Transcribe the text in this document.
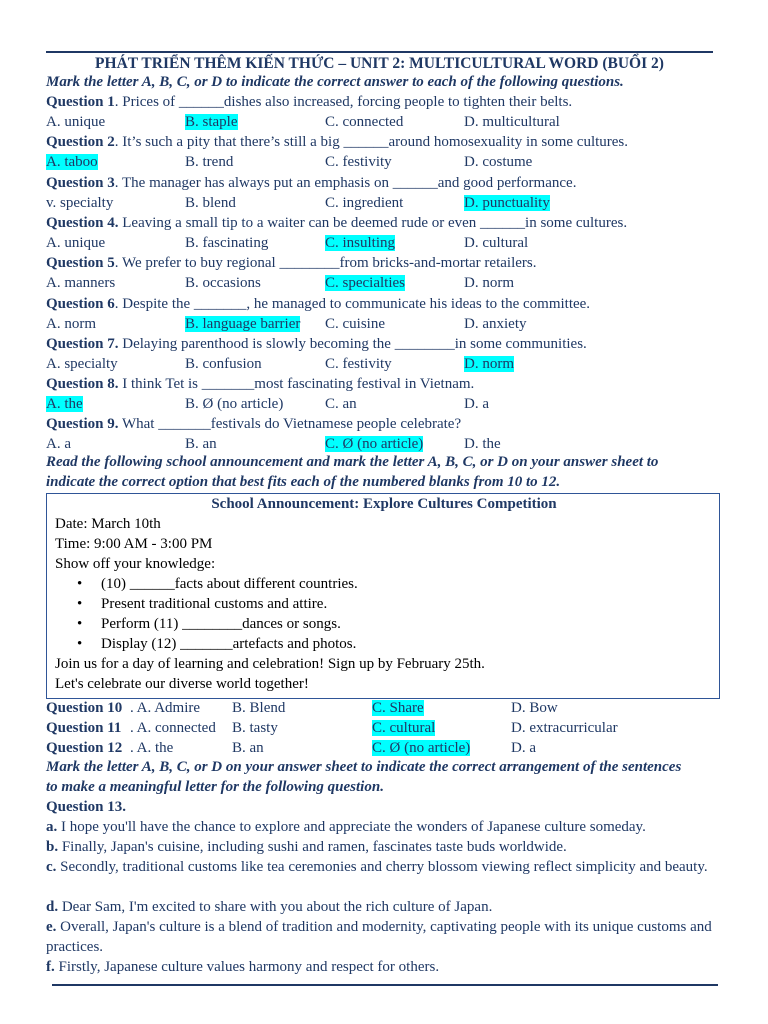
PHÁT TRIỂN THÊM KIẾN THỨC – UNIT 2: MULTICULTURAL WORD (BUỔI 2)
Mark the letter A, B, C, or D to indicate the correct answer to each of the following questions.
Question 1. Prices of ______dishes also increased, forcing people to tighten their belts.
A. unique	B. staple	C. connected	D. multicultural
Question 2. It’s such a pity that there’s still a big ______around homosexuality in some cultures.
A. taboo	B. trend	C. festivity	D. costume
Question 3. The manager has always put an emphasis on ______and good performance.
v. specialty	B. blend	C. ingredient	D. punctuality
Question 4. Leaving a small tip to a waiter can be deemed rude or even ______in some cultures.
A. unique	B. fascinating	C. insulting	D. cultural
Question 5. We prefer to buy regional ________from bricks-and-mortar retailers.
A. manners	B. occasions	C. specialties	D. norm
Question 6. Despite the _______, he managed to communicate his ideas to the committee.
A. norm	B. language barrier C. cuisine	D. anxiety
Question 7. Delaying parenthood is slowly becoming the ________in some communities.
A. specialty	B. confusion	C. festivity	D. norm
Question 8. I think Tet is _______most fascinating festival in Vietnam.
A. the	B. Ø (no article)	C. an	D. a
Question 9. What _______festivals do Vietnamese people celebrate?
A. a	B. an	C. Ø (no article)	D. the
Read the following school announcement and mark the letter A, B, C, or D on your answer sheet to
indicate the correct option that best fits each of the numbered blanks from 10 to 12.
School Announcement: Explore Cultures Competition
Date: March 10th
Time: 9:00 AM - 3:00 PM
Show off your knowledge:
• (10) ______facts about different countries.
• Present traditional customs and attire.
• Perform (11) ________dances or songs.
• Display (12) _______artefacts and photos.
Join us for a day of learning and celebration! Sign up by February 25th.
Let's celebrate our diverse world together!
Question 10 . A. Admire B. Blend	C. Share	D. Bow
Question 11 . A. connected B. tasty	C. cultural	D. extracurricular
Question 12 . A. the	B. an	C. Ø (no article)	D. a
Mark the letter A, B, C, or D on your answer sheet to indicate the correct arrangement of the sentences
to make a meaningful letter for the following question.
Question 13.
a. I hope you'll have the chance to explore and appreciate the wonders of Japanese culture someday.
b. Finally, Japan's cuisine, including sushi and ramen, fascinates taste buds worldwide.
c. Secondly, traditional customs like tea ceremonies and cherry blossom viewing reflect simplicity and beauty.
d. Dear Sam, I'm excited to share with you about the rich culture of Japan.
e. Overall, Japan's culture is a blend of tradition and modernity, captivating people with its unique customs and practices.
f. Firstly, Japanese culture values harmony and respect for others.
